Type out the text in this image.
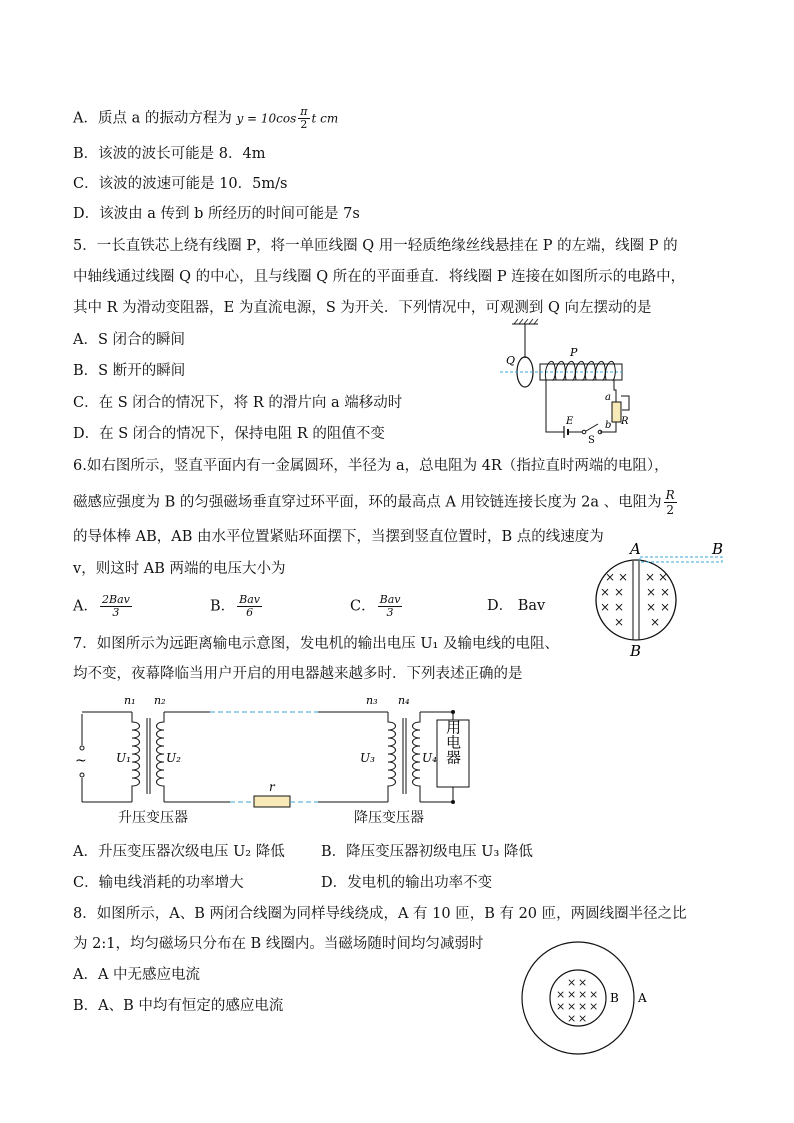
A．质点 a 的振动方程为 $y = 10\cos \frac{\pi}{2}$ t cm
B．该波的波长可能是 8．4m
C．该波的波速可能是 10．5m/s
D．该波由 a 传到 b 所经历的时间可能是 7s
5．一长直铁芯上绕有线圈 P，将一单匝线圈 Q 用一轻质绝缘丝线悬挂在 P 的左端，线圈 P 的
中轴线通过线圈 Q 的中心，且与线圈 Q 所在的平面垂直．将线圈 P 连接在如图所示的电路中，
其中 R 为滑动变阻器，E 为直流电源，S 为开关．下列情况中，可观测到 Q 向左摆动的是
A．S 闭合的瞬间
B．S 断开的瞬间
C．在 S 闭合的情况下，将 R 的滑片向 a 端移动时
D．在 S 闭合的情况下，保持电阻 R 的阻值不变
Q
P
a
b R
E
S
6.如右图所示，竖直平面内有一金属圆环，半径为 a，总电阻为 4R（指拉直时两端的电阻），
磁感应强度为 B 的匀强磁场垂直穿过环平面，环的最高点 A 用铰链连接长度为 2a 、电阻为 $\frac{R}{2}$
的导体棒 AB，AB 由水平位置紧贴环面摆下，当摆到竖直位置时，B 点的线速度为
v，则这时 AB 两端的电压大小为
A． $\frac{\text{2Bav}}{3}$	B． $\frac{\text{Bav}}{6}$	C． $\frac{\text{Bav}}{3}$	D． Bav
A	B
B
× × × ×
× × × ×
× × × ×
× ×
7．如图所示为远距离输电示意图，发电机的输出电压 U₁ 及输电线的电阻、
均不变，夜幕降临当用户开启的用电器越来越多时．下列表述正确的是
~
n₁ n₂
U₁	U₂
r
n₃ n₄
U₃	U₄ 用电器
升压变压器	降压变压器
A．升压变压器次级电压 U₂ 降低	B．降压变压器初级电压 U₃ 降低
C．输电线消耗的功率增大	D．发电机的输出功率不变
8．如图所示，A、B 两闭合线圈为同样导线绕成，A 有 10 匝，B 有 20 匝，两圆线圈半径之比
为 2:1，均匀磁场只分布在 B 线圈内。当磁场随时间均匀减弱时
A．A 中无感应电流
B．A、B 中均有恒定的感应电流	B A
× ×
× × × ×
× × × ×
× ×
